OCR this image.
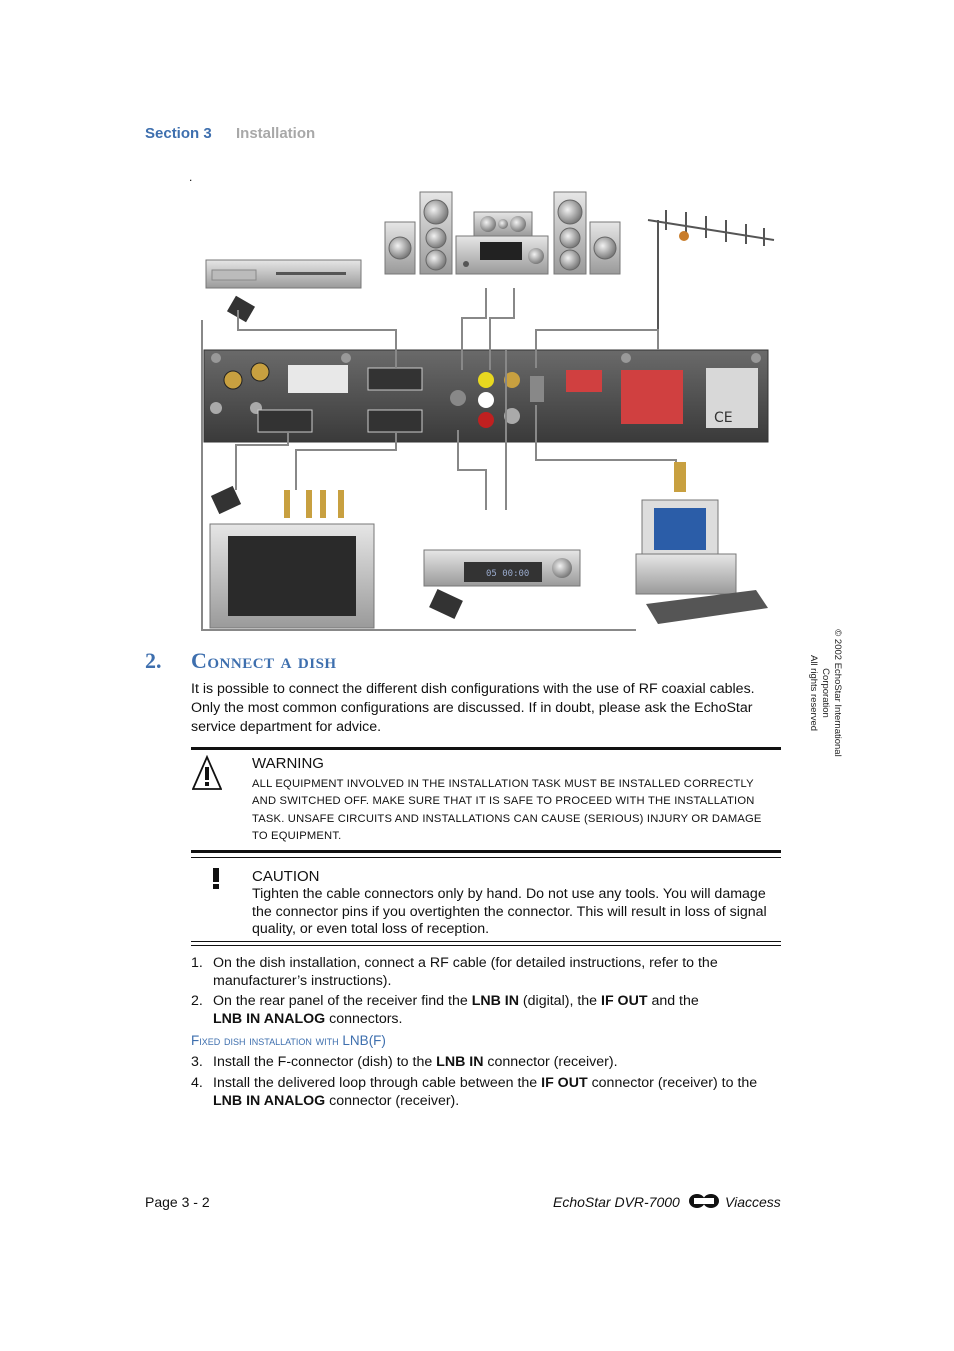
Section 3 Installation
.
CE
05 00:00
© 2002 EchoStar International Corporation
All rights reserved
2. Connect a dish
It is possible to connect the different dish configurations with the use of RF coaxial cables. Only the most common configurations are discussed. If in doubt, please ask the EchoStar service department for advice.
WARNING
ALL EQUIPMENT INVOLVED IN THE INSTALLATION TASK MUST BE INSTALLED CORRECTLY AND SWITCHED OFF. MAKE SURE THAT IT IS SAFE TO PROCEED WITH THE INSTALLATION TASK. UNSAFE CIRCUITS AND INSTALLATIONS CAN CAUSE (SERIOUS) INJURY OR DAMAGE TO EQUIPMENT.
CAUTION
Tighten the cable connectors only by hand. Do not use any tools. You will damage the connector pins if you overtighten the connector. This will result in loss of signal quality, or even total loss of reception.
1. On the dish installation, connect a RF cable (for detailed instructions, refer to the manufacturer’s instructions).
2. On the rear panel of the receiver find the LNB IN (digital), the IF OUT and the
LNB IN ANALOG connectors.
Fixed dish installation with LNB(F)
3. Install the F-connector (dish) to the LNB IN connector (receiver).
4. Install the delivered loop through cable between the IF OUT connector (receiver) to the
LNB IN ANALOG connector (receiver).
Page 3 - 2	EchoStar DVR-7000	Viaccess
